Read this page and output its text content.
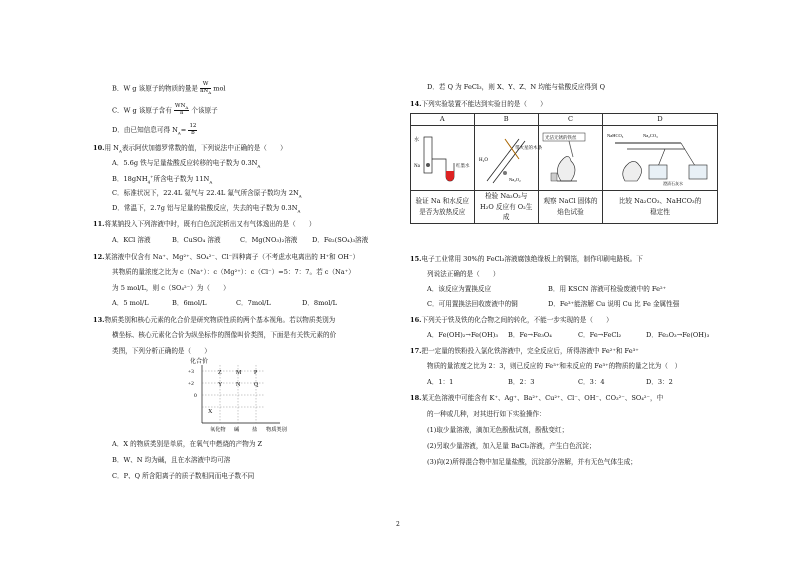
B．W g 该原子的物质的量是 $\frac{W}{aN_A}$ mol
C．W g 该原子含有 $\frac{WN_A}{a}$ 个该原子
D．由已知信息可得 $N_A= \frac{12}{b}$
10.用 $N_A$表示阿伏加德罗常数的值，下列说法中正确的是（　　）
A．5.6g 铁与足量盐酸反应转移的电子数为 $0.3N_A$
B．18gNH$_4$+所含电子数为 $11N_A$
C．标准状况下，22.4L 氦气与 22.4L 氟气所含原子数均为 $2N_A$
D．常温下，2.7g 铝与足量的盐酸反应，失去的电子数为 $0.3N_A$
11.将某钠投入下列溶液中时，既有白色沉淀析出又有气体逸出的是（　　）
A．KCl 溶液	B．CuSO₄ 溶液	C．Mg(NO₃)₂溶液 D．Fe₂(SO₄)₃溶液
12.某溶液中仅含有 Na⁺、Mg²⁺、SO₄²⁻、Cl⁻四种离子（不考虑水电离出的 H⁺和 OH⁻）
其物质的量浓度之比为 c（Na⁺）：c（Mg²⁺）：c（Cl⁻）=5：7：7。若 c（Na⁺）
为 5 mol/L，则 c（SO₄²⁻）为（　　）
A．5 mol/L	B．6mol/L	C．7mol/L	D．8mol/L
13.物质类别和核心元素的化合价是研究物质性质的两个基本视角。若以物质类别为
横坐标、核心元素化合价为纵坐标作的图像叫价类图，下面是有关铁元素的价
类图，下列分析正确的是（　　）
化合价
+3
+2
0
Z M P
Y N Q
X
氧化物 碱 盐 物质类别
A．X 的物质类别是单质，在氧气中燃烧的产物为 Z
B．W、N 均为碱，且在水溶液中均可溶
C．P、Q 所含阳离子的质子数相同而电子数不同
D．若 Q 为 FeCl₃，则 X、Y、Z、N 均能与盐酸反应得到 Q
14.下列实验装置不能达到实验目的是（　　）
A	B	C	D

水
Na 红墨水	H₂O
带火星的木条
Na₂O₂	光洁无锈的铁丝	NaHCO₃ Na₂CO₃
澄清石灰水

验证 Na 和水反应是否为放热反应	检验 Na₂O₂与 H₂O 反应有 O₂生成	观察 NaCl 固体的焰色试验	比较 Na₂CO₃、NaHCO₃的稳定性
15.电子工业常用 30%的 FeCl₃溶液腐蚀绝缘板上的铜箔，制作印刷电路板。下
列说法正确的是（　　）
A．该反应为置换反应	B．用 KSCN 溶液可检验废液中的 Fe²⁺
C．可用置换法回收废液中的铜	D．Fe³⁺能溶解 Cu 说明 Cu 比 Fe 金属性强
16.下列关于铁及铁的化合物之间的转化，不能一步实现的是（　　）
A．Fe(OH)₂→Fe(OH)₃ B．Fe→Fe₃O₄	C．Fe→FeCl₂	D．Fe₂O₃→Fe(OH)₃
17.把一定量的铁粉投入氯化铁溶液中，完全反应后，所得溶液中 Fe²⁺和 Fe³⁺
物质的量浓度之比为 2：3，则已反应的 Fe³⁺和未反应的 Fe³⁺的物质的量之比为（　）
A．1：1	B．2：3	C．3：4	D．3：2
18.某无色溶液中可能含有 K⁺、Ag⁺、Ba²⁺、Cu²⁺、Cl⁻、OH⁻、CO₃²⁻、SO₄²⁻，中
的一种或几种，对其进行如下实验操作：
(1)取少量溶液，滴加无色酚酞试剂，酚酞变红；
(2)另取少量溶液，加入足量 BaCl₂溶液，产生白色沉淀；
(3)向(2)所得混合物中加足量盐酸，沉淀部分溶解，并有无色气体生成；
2
